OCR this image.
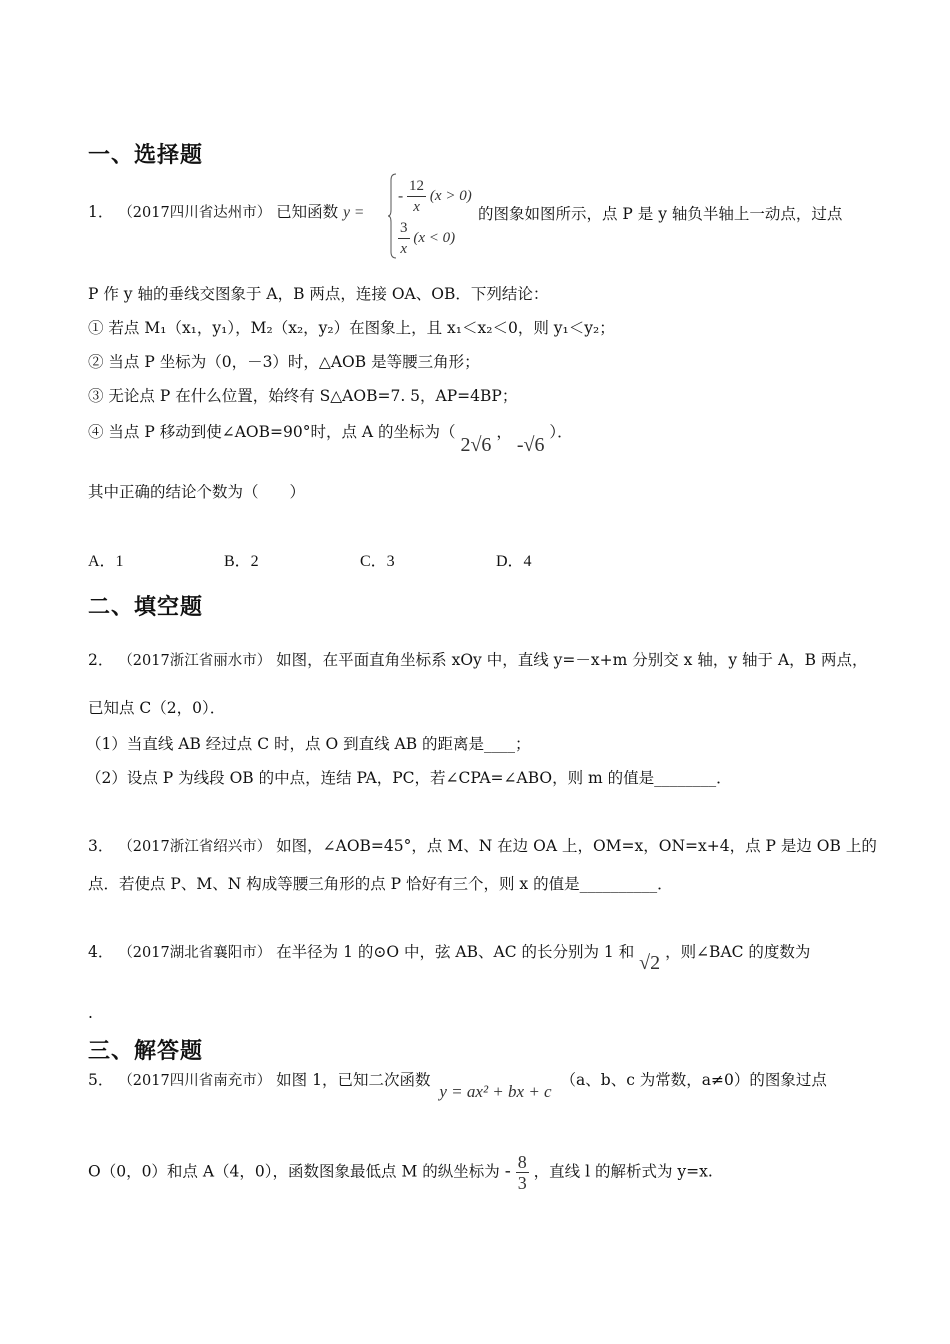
一、选择题
1． （2017四川省达州市） 已知函数 y =
- $\frac{12}{x} (x > 0)$
$\frac{3}{x} (x < 0)$
的图象如图所示，点 P 是 y 轴负半轴上一动点，过点
P 作 y 轴的垂线交图象于 A，B 两点，连接 OA、OB．下列结论：
① 若点 M₁（x₁，y₁），M₂（x₂，y₂）在图象上，且 x₁＜x₂＜0，则 y₁＜y₂；
② 当点 P 坐标为（0，－3）时，△AOB 是等腰三角形；
③ 无论点 P 在什么位置，始终有 S△AOB=7. 5，AP=4BP；
④ 当点 P 移动到使∠AOB=90°时，点 A 的坐标为（ 2√6 ， -√6 ）．
其中正确的结论个数为（　　）
A．1	B．2	C．3	D．4
二、填空题
2． （2017浙江省丽水市） 如图，在平面直角坐标系 xOy 中，直线 y=－x+m 分别交 x 轴，y 轴于 A，B 两点，
已知点 C（2，0）．
（1）当直线 AB 经过点 C 时，点 O 到直线 AB 的距离是____；
（2）设点 P 为线段 OB 的中点，连结 PA，PC，若∠CPA=∠ABO，则 m 的值是________．
3． （2017浙江省绍兴市） 如图，∠AOB=45°，点 M、N 在边 OA 上，OM=x，ON=x+4，点 P 是边 OB 上的
点．若使点 P、M、N 构成等腰三角形的点 P 恰好有三个，则 x 的值是__________．
4． （2017湖北省襄阳市） 在半径为 1 的⊙O 中，弦 AB、AC 的长分别为 1 和 √2 ，则∠BAC 的度数为
.
三、解答题
5． （2017四川省南充市） 如图 1，已知二次函数 y = ax² + bx + c （a、b、c 为常数，a≠0）的图象过点
O（0，0）和点 A（4，0），函数图象最低点 M 的纵坐标为 - $\frac{8}{3}$ ，直线 l 的解析式为 y=x.
